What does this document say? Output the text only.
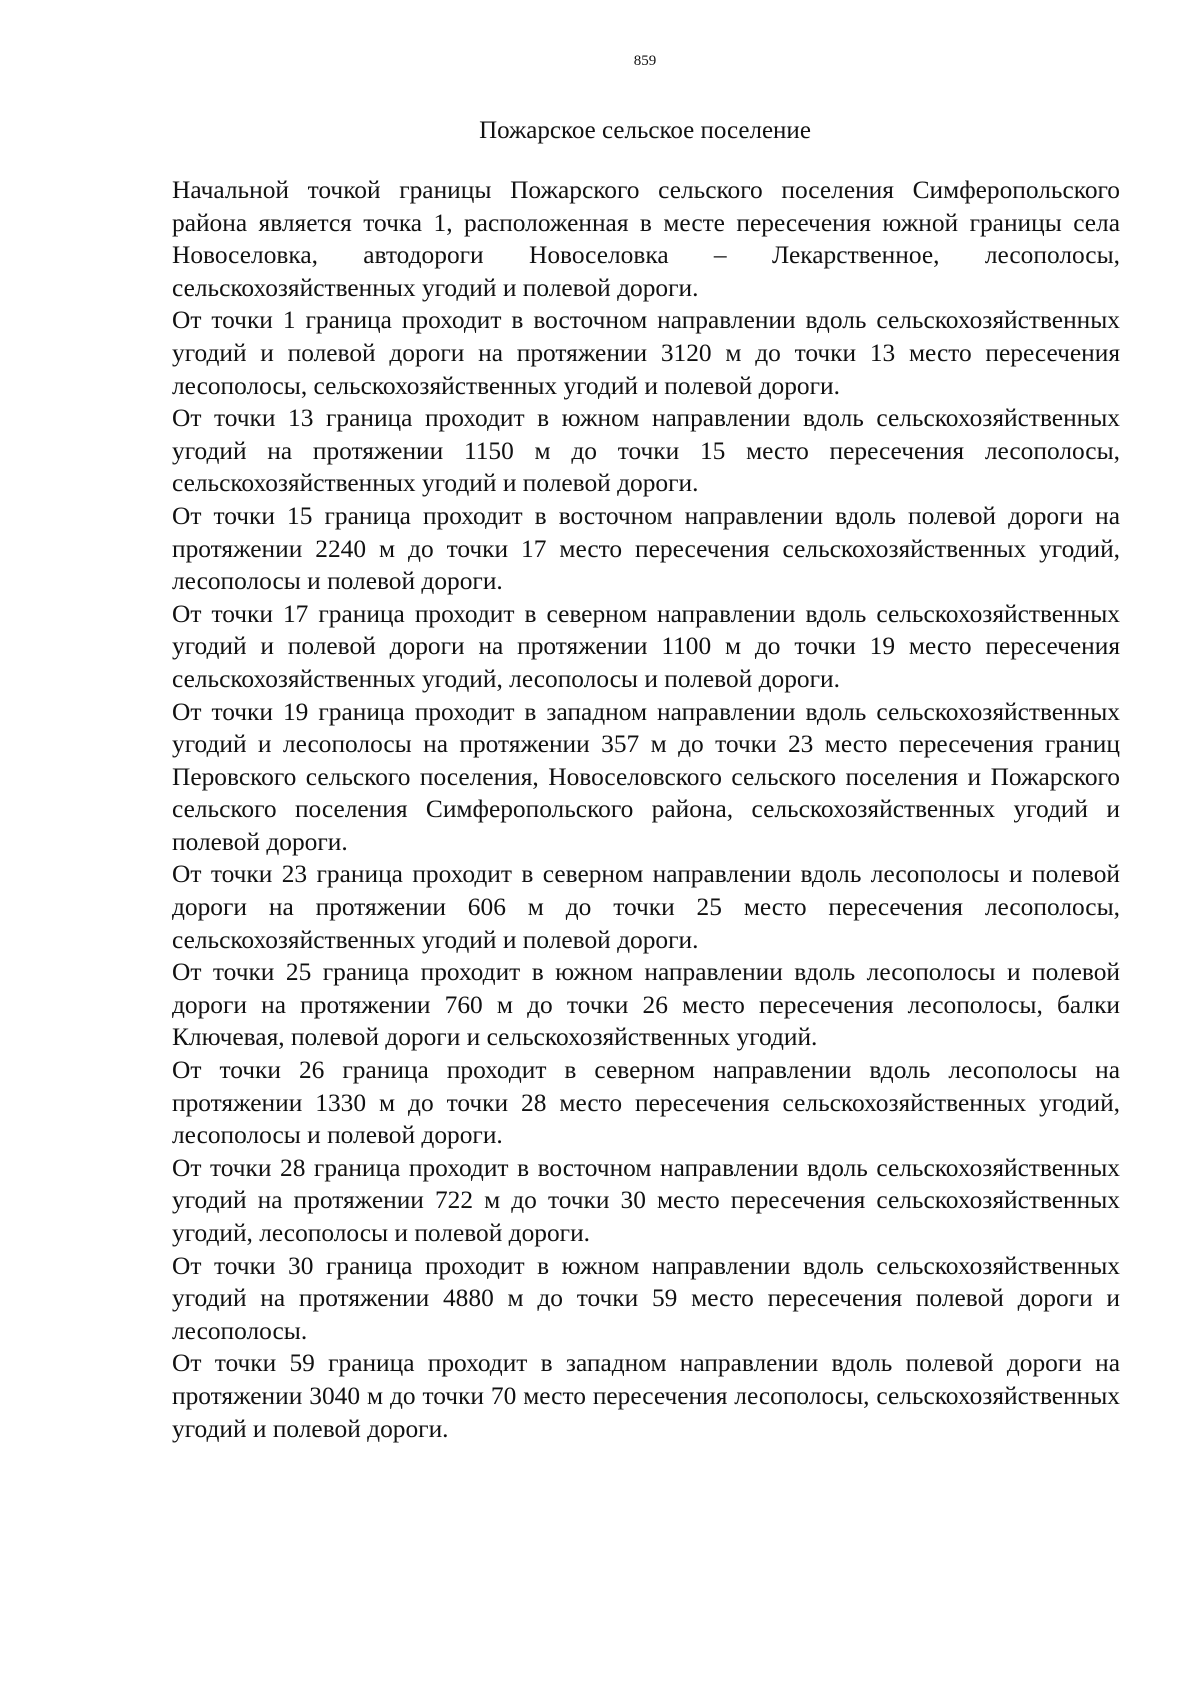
859
Пожарское сельское поселение

Начальной точкой границы Пожарского сельского поселения Симферопольского района является точка 1, расположенная в месте пересечения южной границы села Новоселовка, автодороги Новоселовка – Лекарственное, лесополосы, сельскохозяйственных угодий и полевой дороги.

От точки 1 граница проходит в восточном направлении вдоль сельскохозяйственных угодий и полевой дороги на протяжении 3120 м до точки 13 место пересечения лесополосы, сельскохозяйственных угодий и полевой дороги.

От точки 13 граница проходит в южном направлении вдоль сельскохозяйственных угодий на протяжении 1150 м до точки 15 место пересечения лесополосы, сельскохозяйственных угодий и полевой дороги.

От точки 15 граница проходит в восточном направлении вдоль полевой дороги на протяжении 2240 м до точки 17 место пересечения сельскохозяйственных угодий, лесополосы и полевой дороги.

От точки 17 граница проходит в северном направлении вдоль сельскохозяйственных угодий и полевой дороги на протяжении 1100 м до точки 19 место пересечения сельскохозяйственных угодий, лесополосы и полевой дороги.

От точки 19 граница проходит в западном направлении вдоль сельскохозяйственных угодий и лесополосы на протяжении 357 м до точки 23 место пересечения границ Перовского сельского поселения, Новоселовского сельского поселения и Пожарского сельского поселения Симферопольского района, сельскохозяйственных угодий и полевой дороги.

От точки 23 граница проходит в северном направлении вдоль лесополосы и полевой дороги на протяжении 606 м до точки 25 место пересечения лесополосы, сельскохозяйственных угодий и полевой дороги.

От точки 25 граница проходит в южном направлении вдоль лесополосы и полевой дороги на протяжении 760 м до точки 26 место пересечения лесополосы, балки Ключевая, полевой дороги и сельскохозяйственных угодий.

От точки 26 граница проходит в северном направлении вдоль лесополосы на протяжении 1330 м до точки 28 место пересечения сельскохозяйственных угодий, лесополосы и полевой дороги.

От точки 28 граница проходит в восточном направлении вдоль сельскохозяйственных угодий на протяжении 722 м до точки 30 место пересечения сельскохозяйственных угодий, лесополосы и полевой дороги.

От точки 30 граница проходит в южном направлении вдоль сельскохозяйственных угодий на протяжении 4880 м до точки 59 место пересечения полевой дороги и лесополосы.

От точки 59 граница проходит в западном направлении вдоль полевой дороги на протяжении 3040 м до точки 70 место пересечения лесополосы, сельскохозяйственных угодий и полевой дороги.
